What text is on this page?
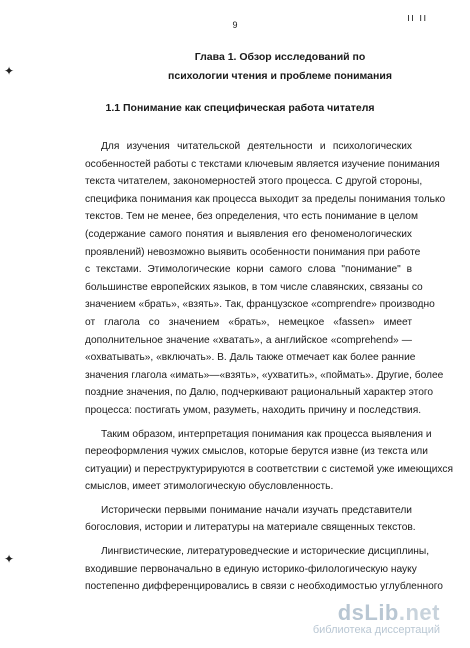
9
ıı ıı
✦
✦
Глава 1. Обзор исследований по
психологии чтения и проблеме понимания
1.1 Понимание как специфическая работа читателя
Для изучения читательской деятельности и психологических
особенностей работы с текстами ключевым является изучение понимания
текста читателем, закономерностей этого процесса. С другой стороны,
специфика понимания как процесса выходит за пределы понимания только
текстов. Тем не менее, без определения, что есть понимание в целом
(содержание самого понятия и выявления его феноменологических
проявлений) невозможно выявить особенности понимания при работе
с текстами. Этимологические корни самого слова "понимание" в
большинстве европейских языков, в том числе славянских, связаны со
значением «брать», «взять». Так, французское «comprendre» производно
от глагола со значением «брать», немецкое «fassen» имеет
дополнительное значение «хватать», а английское «comprehend» —
«охватывать», «включать». В. Даль также отмечает как более ранние
значения глагола «имать»—«взять», «ухватить», «поймать». Другие, более
поздние значения, по Далю, подчеркивают рациональный характер этого
процесса: постигать умом, разуметь, находить причину и последствия.
Таким образом, интерпретация понимания как процесса выявления и
переоформления чужих смыслов, которые берутся извне (из текста или
ситуации) и переструктурируются в соответствии с системой уже имеющихся
смыслов, имеет этимологическую обусловленность.
Исторически первыми понимание начали изучать представители
богословия, истории и литературы на материале священных текстов.
Лингвистические, литературоведческие и исторические дисциплины,
входившие первоначально в единую историко-филологическую науку
постепенно дифференцировались в связи с необходимостью углубленного
dsLib.net
библиотека диссертаций
